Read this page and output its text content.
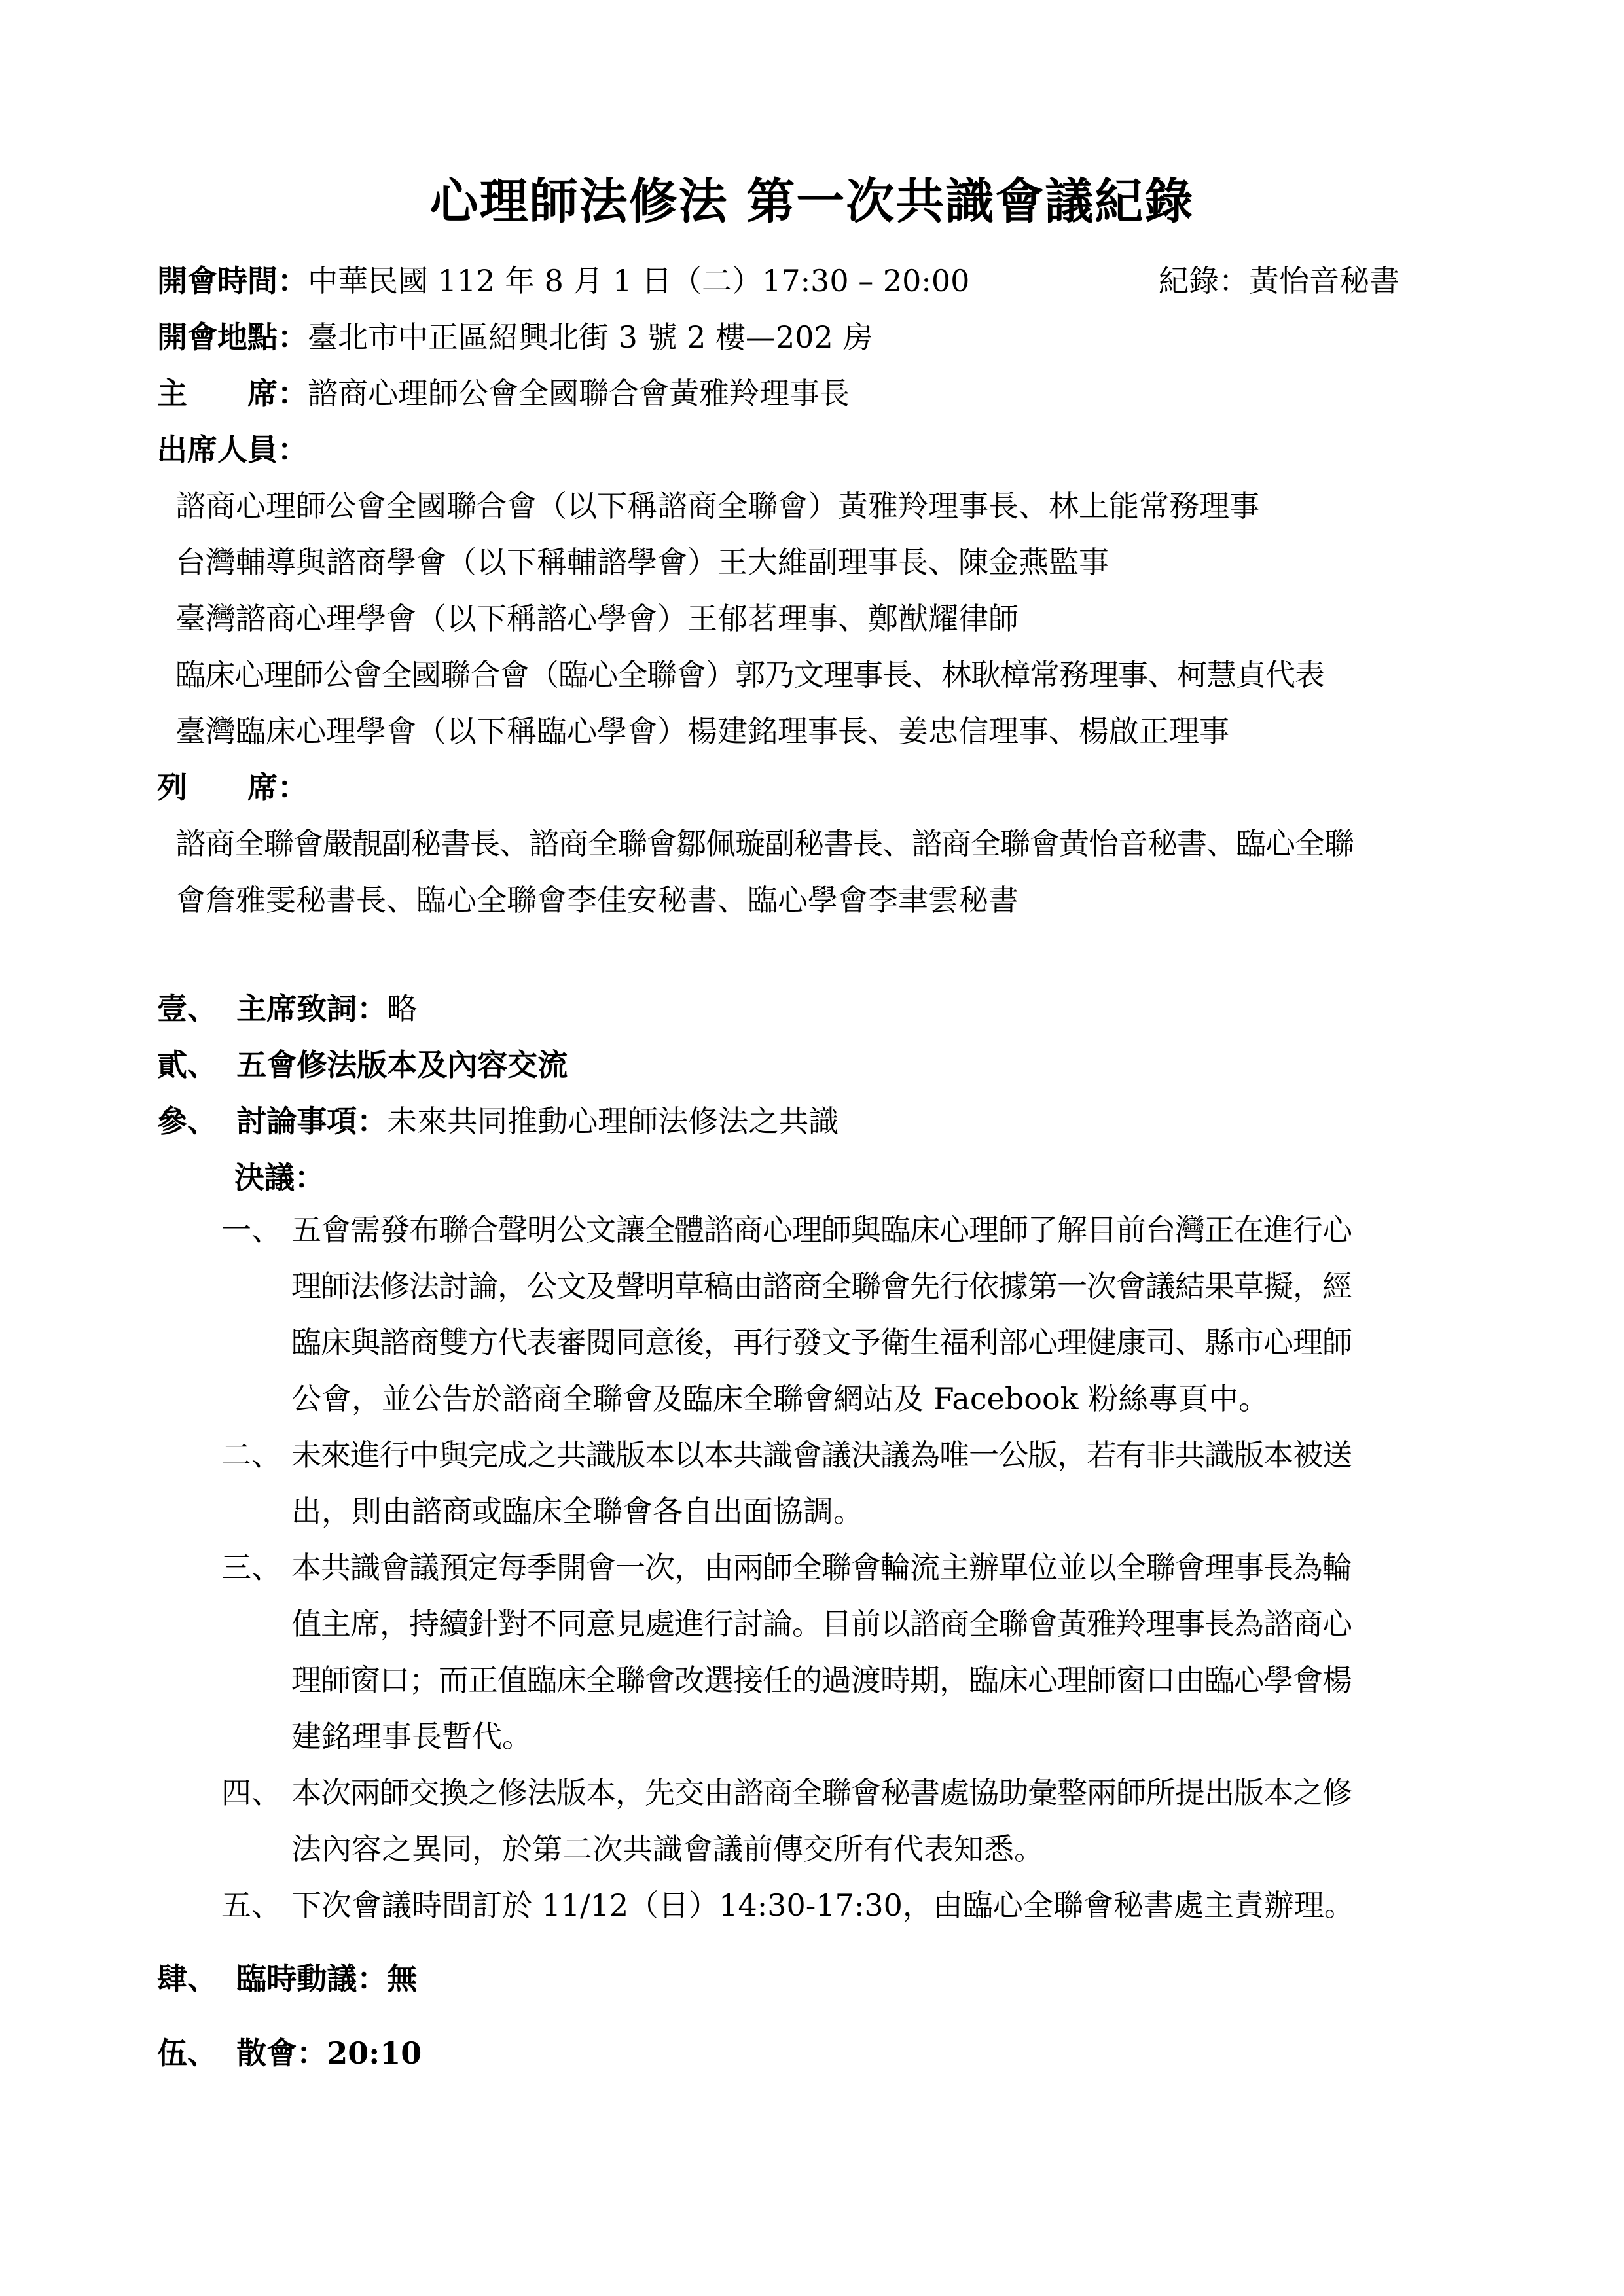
心理師法修法 第一次共識會議紀錄
開會時間：中華民國 112 年 8 月 1 日（二）17:30 – 20:00	紀錄：黃怡音秘書
開會地點：臺北市中正區紹興北街 3 號 2 樓—202 房
主　　席：諮商心理師公會全國聯合會黃雅羚理事長
出席人員：
諮商心理師公會全國聯合會（以下稱諮商全聯會）黃雅羚理事長、林上能常務理事
台灣輔導與諮商學會（以下稱輔諮學會）王大維副理事長、陳金燕監事
臺灣諮商心理學會（以下稱諮心學會）王郁茗理事、鄭猷耀律師
臨床心理師公會全國聯合會（臨心全聯會）郭乃文理事長、林耿樟常務理事、柯慧貞代表
臺灣臨床心理學會（以下稱臨心學會）楊建銘理事長、姜忠信理事、楊啟正理事
列　　席：
諮商全聯會嚴靚副秘書長、諮商全聯會鄒佩璇副秘書長、諮商全聯會黃怡音秘書、臨心全聯
會詹雅雯秘書長、臨心全聯會李佳安秘書、臨心學會李聿雲秘書
壹、 主席致詞：略
貳、 五會修法版本及內容交流
參、 討論事項：未來共同推動心理師法修法之共識
決議：
一、 五會需發布聯合聲明公文讓全體諮商心理師與臨床心理師了解目前台灣正在進行心
理師法修法討論，公文及聲明草稿由諮商全聯會先行依據第一次會議結果草擬，經
臨床與諮商雙方代表審閱同意後，再行發文予衛生福利部心理健康司、縣市心理師
公會，並公告於諮商全聯會及臨床全聯會網站及 Facebook 粉絲專頁中。
二、 未來進行中與完成之共識版本以本共識會議決議為唯一公版，若有非共識版本被送
出，則由諮商或臨床全聯會各自出面協調。
三、 本共識會議預定每季開會一次，由兩師全聯會輪流主辦單位並以全聯會理事長為輪
值主席，持續針對不同意見處進行討論。目前以諮商全聯會黃雅羚理事長為諮商心
理師窗口；而正值臨床全聯會改選接任的過渡時期，臨床心理師窗口由臨心學會楊
建銘理事長暫代。
四、 本次兩師交換之修法版本，先交由諮商全聯會秘書處協助彙整兩師所提出版本之修
法內容之異同，於第二次共識會議前傳交所有代表知悉。
五、 下次會議時間訂於 11/12（日）14:30-17:30，由臨心全聯會秘書處主責辦理。
肆、 臨時動議：無
伍、 散會：20:10
